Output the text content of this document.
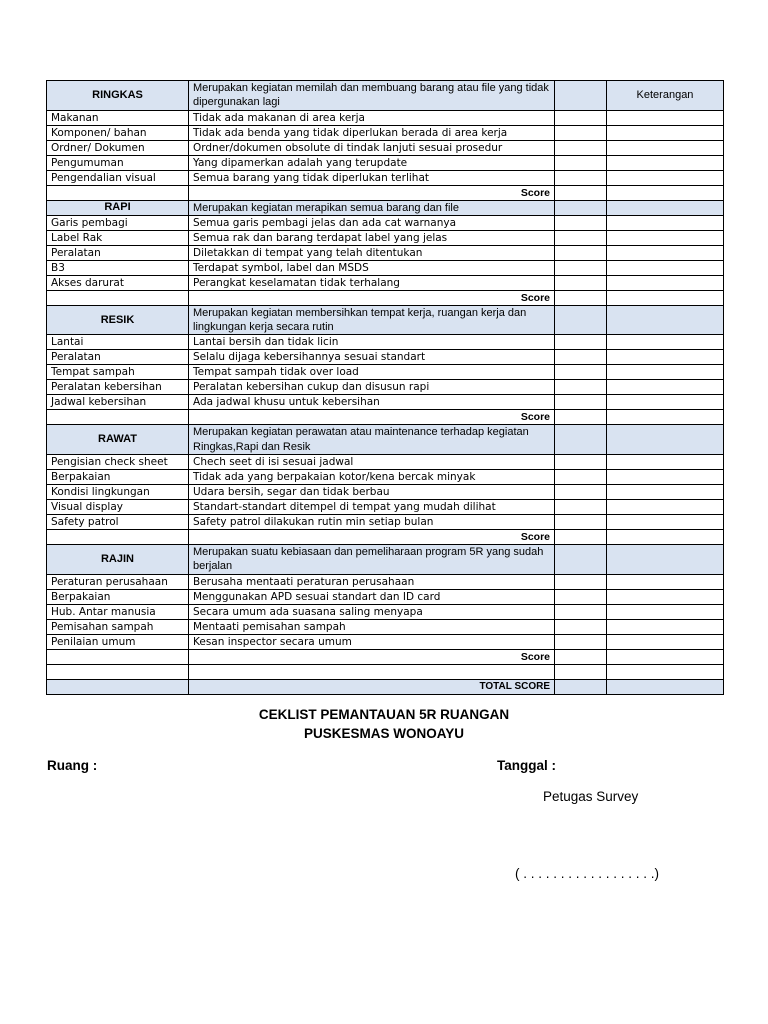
RINGKAS	Merupakan kegiatan memilah dan membuang barang atau file yang tidak dipergunakan lagi		Keterangan
Makanan	Tidak ada makanan di area kerja		
Komponen/ bahan	Tidak ada benda yang tidak diperlukan berada di area kerja		
Ordner/ Dokumen	Ordner/dokumen obsolute di tindak lanjuti sesuai prosedur		
Pengumuman	Yang dipamerkan adalah yang terupdate		
Pengendalian visual	Semua barang yang tidak diperlukan terlihat		
	Score		
RAPI	Merupakan kegiatan merapikan semua barang dan file		
Garis pembagi	Semua garis pembagi jelas dan ada cat warnanya		
Label Rak	Semua rak dan barang terdapat label yang jelas		
Peralatan	Diletakkan di tempat yang telah ditentukan		
B3	Terdapat symbol, label dan MSDS		
Akses darurat	Perangkat keselamatan tidak terhalang		
	Score		
RESIK	Merupakan kegiatan membersihkan tempat kerja, ruangan kerja dan lingkungan kerja secara rutin		
Lantai	Lantai bersih dan tidak licin		
Peralatan	Selalu dijaga kebersihannya sesuai standart		
Tempat sampah	Tempat sampah tidak over load		
Peralatan kebersihan	Peralatan kebersihan cukup dan disusun rapi		
Jadwal kebersihan	Ada jadwal khusu untuk kebersihan		
	Score		
RAWAT	Merupakan kegiatan perawatan atau maintenance terhadap kegiatan Ringkas,Rapi dan Resik		
Pengisian check sheet	Chech seet di isi sesuai jadwal		
Berpakaian	Tidak ada yang berpakaian kotor/kena bercak minyak		
Kondisi lingkungan	Udara bersih, segar dan tidak berbau		
Visual display	Standart-standart ditempel di tempat yang mudah dilihat		
Safety patrol	Safety patrol dilakukan rutin min setiap bulan		
	Score		
RAJIN	Merupakan suatu kebiasaan dan pemeliharaan program 5R yang sudah berjalan		
Peraturan perusahaan	Berusaha mentaati peraturan perusahaan		
Berpakaian	Menggunakan APD sesuai standart dan ID card		
Hub. Antar manusia	Secara umum ada suasana saling menyapa		
Pemisahan sampah	Mentaati pemisahan sampah		
Penilaian umum	Kesan inspector secara umum		
	Score		

	TOTAL SCORE		
CEKLIST PEMANTAUAN 5R RUANGAN
PUSKESMAS WONOAYU
Ruang :	Tanggal :
Petugas Survey
( . . . . . . . . . . . . . . . . . .)
